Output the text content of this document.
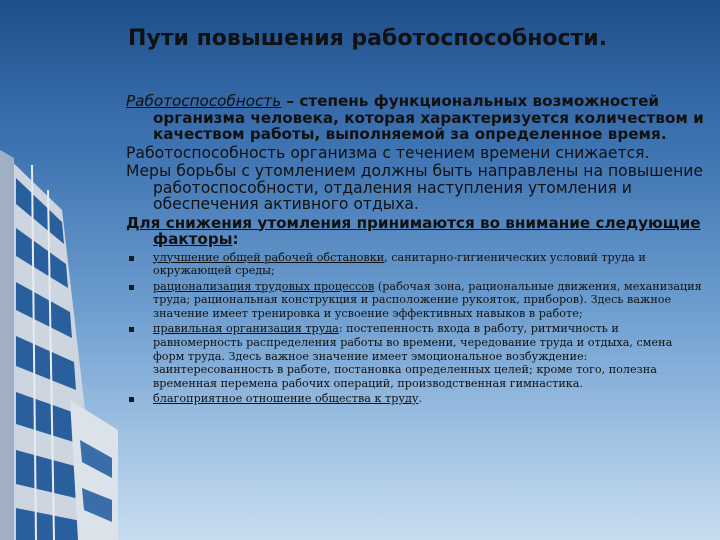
Пути повышения работоспособности.

Работоспособность – степень функциональных возможностей организма человека, которая характеризуется количеством и качеством работы, выполняемой за определенное время.

Работоспособность организма с течением времени снижается.

Меры борьбы с утомлением должны быть направлены на повышение работоспособности, отдаления наступления утомления и обеспечения активного отдыха.

Для снижения утомления принимаются во внимание следующие факторы:

улучшение общей рабочей обстановки, санитарно-гигиенических условий труда и окружающей среды;
рационализация трудовых процессов (рабочая зона, рациональные движения, механизация труда; рациональная конструкция и расположение рукояток, приборов). Здесь важное значение имеет тренировка и усвоение эффективных навыков в работе;
правильная организация труда: постепенность входа в работу, ритмичность и равномерность распределения работы во времени, чередование труда и отдыха, смена форм труда. Здесь важное значение имеет эмоциональное возбуждение: заинтересованность в работе, постановка определенных целей; кроме того, полезна временная перемена рабочих операций, производственная гимнастика.
благоприятное отношение общества к труду.
